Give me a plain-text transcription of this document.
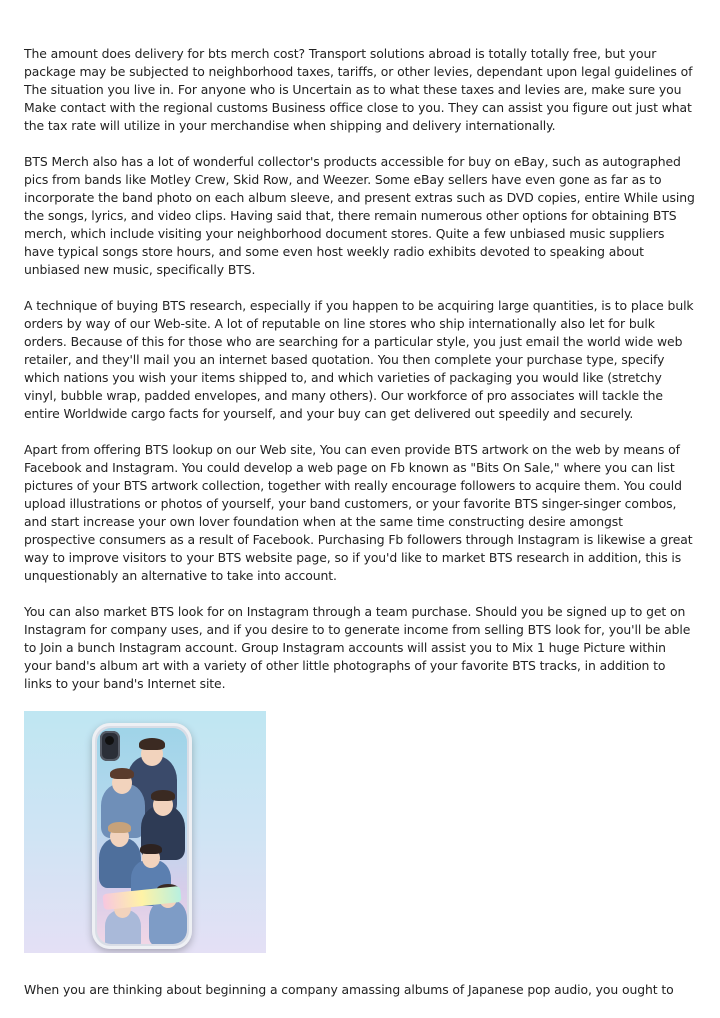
The amount does delivery for bts merch cost? Transport solutions abroad is totally totally free, but your package may be subjected to neighborhood taxes, tariffs, or other levies, dependant upon legal guidelines of The situation you live in. For anyone who is Uncertain as to what these taxes and levies are, make sure you Make contact with the regional customs Business office close to you. They can assist you figure out just what the tax rate will utilize in your merchandise when shipping and delivery internationally.

BTS Merch also has a lot of wonderful collector's products accessible for buy on eBay, such as autographed pics from bands like Motley Crew, Skid Row, and Weezer. Some eBay sellers have even gone as far as to incorporate the band photo on each album sleeve, and present extras such as DVD copies, entire While using the songs, lyrics, and video clips. Having said that, there remain numerous other options for obtaining BTS merch, which include visiting your neighborhood document stores. Quite a few unbiased music suppliers have typical songs store hours, and some even host weekly radio exhibits devoted to speaking about unbiased new music, specifically BTS.

A technique of buying BTS research, especially if you happen to be acquiring large quantities, is to place bulk orders by way of our Web-site. A lot of reputable on line stores who ship internationally also let for bulk orders. Because of this for those who are searching for a particular style, you just email the world wide web retailer, and they'll mail you an internet based quotation. You then complete your purchase type, specify which nations you wish your items shipped to, and which varieties of packaging you would like (stretchy vinyl, bubble wrap, padded envelopes, and many others). Our workforce of pro associates will tackle the entire Worldwide cargo facts for yourself, and your buy can get delivered out speedily and securely.

Apart from offering BTS lookup on our Web site, You can even provide BTS artwork on the web by means of Facebook and Instagram. You could develop a web page on Fb known as "Bits On Sale," where you can list pictures of your BTS artwork collection, together with really encourage followers to acquire them. You could upload illustrations or photos of yourself, your band customers, or your favorite BTS singer-singer combos, and start increase your own lover foundation when at the same time constructing desire amongst prospective consumers as a result of Facebook. Purchasing Fb followers through Instagram is likewise a great way to improve visitors to your BTS website page, so if you'd like to market BTS research in addition, this is unquestionably an alternative to take into account.

You can also market BTS look for on Instagram through a team purchase. Should you be signed up to get on Instagram for company uses, and if you desire to to generate income from selling BTS look for, you'll be able to Join a bunch Instagram account. Group Instagram accounts will assist you to Mix 1 huge Picture within your band's album art with a variety of other little photographs of your favorite BTS tracks, in addition to links to your band's Internet site.

When you are thinking about beginning a company amassing albums of Japanese pop audio, you ought to
